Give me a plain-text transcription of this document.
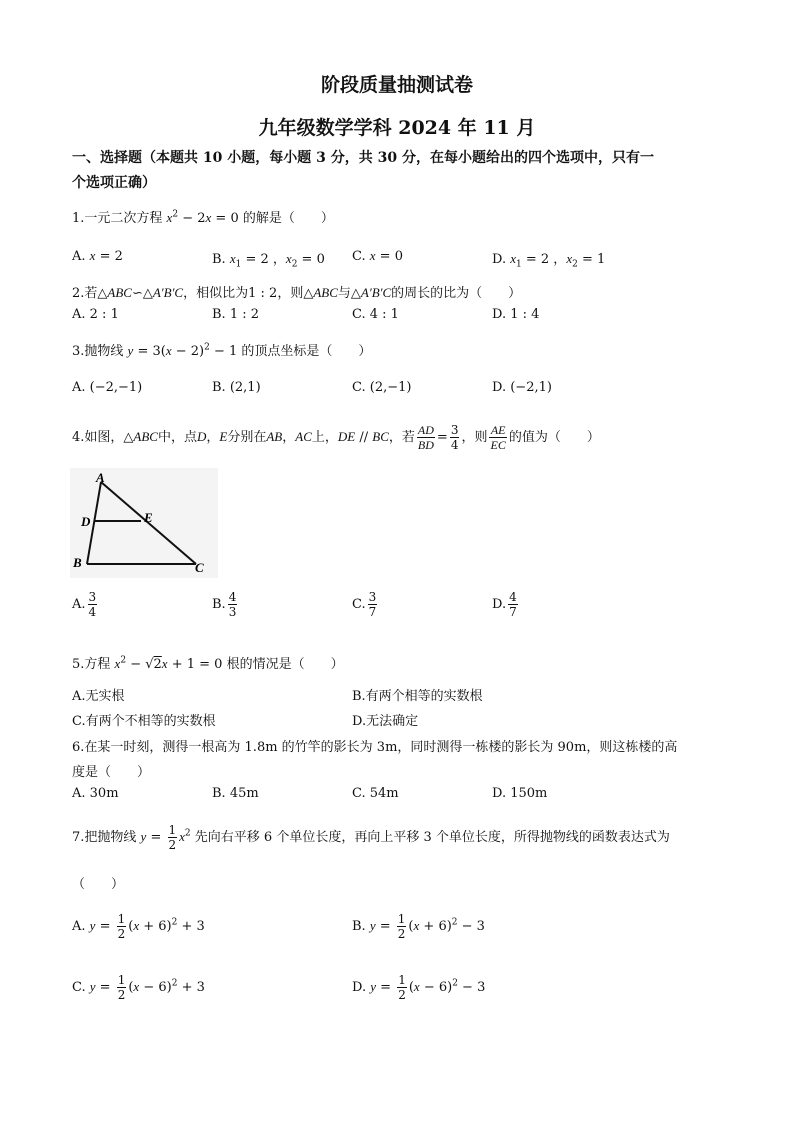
阶段质量抽测试卷
九年级数学学科 2024 年 11 月
一、选择题（本题共 10 小题，每小题 3 分，共 30 分，在每小题给出的四个选项中，只有一
个选项正确）
1.一元二次方程 $x^2 - 2x = 0$ 的解是（　　）
A. x = 2	B. $x_1 = 2$ ，$x_2 = 0$ C. x = 0	D. $x_1 = 2$ ，$x_2 = 1$
2.若△ABC∽△A′B′C，相似比为1 : 2，则△ABC与△A′B′C的周长的比为（　　）
A. 2 : 1	B. 1 : 2	C. 4 : 1	D. 1 : 4
3.抛物线 $y = 3(x - 2)^2 - 1$ 的顶点坐标是（　　）
A. (−2,−1)	B. (2,1)	C. (2,−1)	D. (−2,1)
4.如图，△ABC中，点D，E分别在AB，AC上，DE // BC，若 $\frac{AD}{BD} = \frac{3}{4}$ ，则 $\frac{AE}{EC}$ 的值为（　　）
A
D	E
B	C
A. $\frac{3}{4}$	B. $\frac{4}{3}$	C. $\frac{3}{7}$	D. $\frac{4}{7}$
5.方程 $x^2 - √2x + 1 = 0$ 根的情况是（　　）
A.无实根	B.有两个相等的实数根
C.有两个不相等的实数根	D.无法确定
6.在某一时刻，测得一根高为 1.8m 的竹竿的影长为 3m，同时测得一栋楼的影长为 90m，则这栋楼的高
度是（　　）
A. 30m	B. 45m	C. 54m	D. 150m
7.把抛物线 $y = \frac{1}{2} x^2$ 先向右平移 6 个单位长度，再向上平移 3 个单位长度，所得抛物线的函数表达式为
（　　）
A. $y = \frac{1}{2} (x + 6)^2 + 3$	B. $y = \frac{1}{2} (x + 6)^2 - 3$
C. $y = \frac{1}{2} (x - 6)^2 + 3$	D. $y = \frac{1}{2} (x - 6)^2 - 3$
